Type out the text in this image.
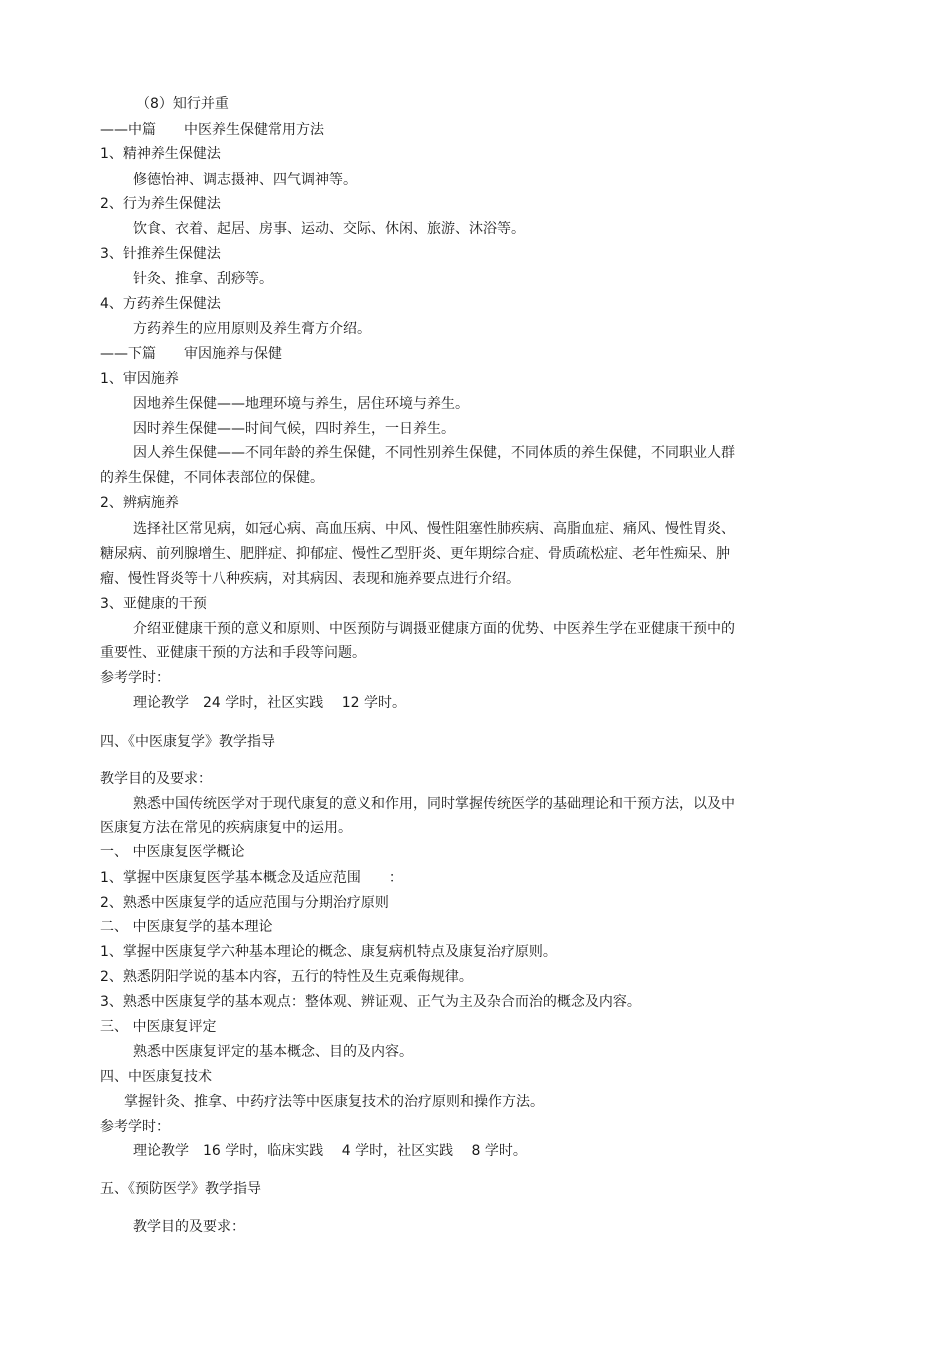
（8）知行并重

——中篇　　中医养生保健常用方法

1、精神养生保健法

修德怡神、调志摄神、四气调神等。

2、行为养生保健法

饮食、衣着、起居、房事、运动、交际、休闲、旅游、沐浴等。

3、针推养生保健法

针灸、推拿、刮痧等。

4、方药养生保健法

方药养生的应用原则及养生膏方介绍。

——下篇　　审因施养与保健

1、审因施养

因地养生保健——地理环境与养生，居住环境与养生。

因时养生保健——时间气候，四时养生，一日养生。

因人养生保健——不同年龄的养生保健，不同性别养生保健，不同体质的养生保健，不同职业人群

的养生保健，不同体表部位的保健。

2、辨病施养

选择社区常见病，如冠心病、高血压病、中风、慢性阻塞性肺疾病、高脂血症、痛风、慢性胃炎、

糖尿病、前列腺增生、肥胖症、抑郁症、慢性乙型肝炎、更年期综合症、骨质疏松症、老年性痴呆、肿

瘤、慢性肾炎等十八种疾病，对其病因、表现和施养要点进行介绍。

3、亚健康的干预

介绍亚健康干预的意义和原则、中医预防与调摄亚健康方面的优势、中医养生学在亚健康干预中的

重要性、亚健康干预的方法和手段等问题。

参考学时：

理论教学　24 学时，社区实践　 12 学时。

四、《中医康复学》教学指导

教学目的及要求：

熟悉中国传统医学对于现代康复的意义和作用，同时掌握传统医学的基础理论和干预方法，以及中

医康复方法在常见的疾病康复中的运用。

一、 中医康复医学概论

1、掌握中医康复医学基本概念及适应范围　　：

2、熟悉中医康复学的适应范围与分期治疗原则

二、 中医康复学的基本理论

1、掌握中医康复学六种基本理论的概念、康复病机特点及康复治疗原则。

2、熟悉阴阳学说的基本内容，五行的特性及生克乘侮规律。

3、熟悉中医康复学的基本观点：整体观、辨证观、正气为主及杂合而治的概念及内容。

三、 中医康复评定

熟悉中医康复评定的基本概念、目的及内容。

四、中医康复技术

掌握针灸、推拿、中药疗法等中医康复技术的治疗原则和操作方法。

参考学时：

理论教学　16 学时，临床实践　 4 学时，社区实践　 8 学时。

五、《预防医学》教学指导

教学目的及要求：
